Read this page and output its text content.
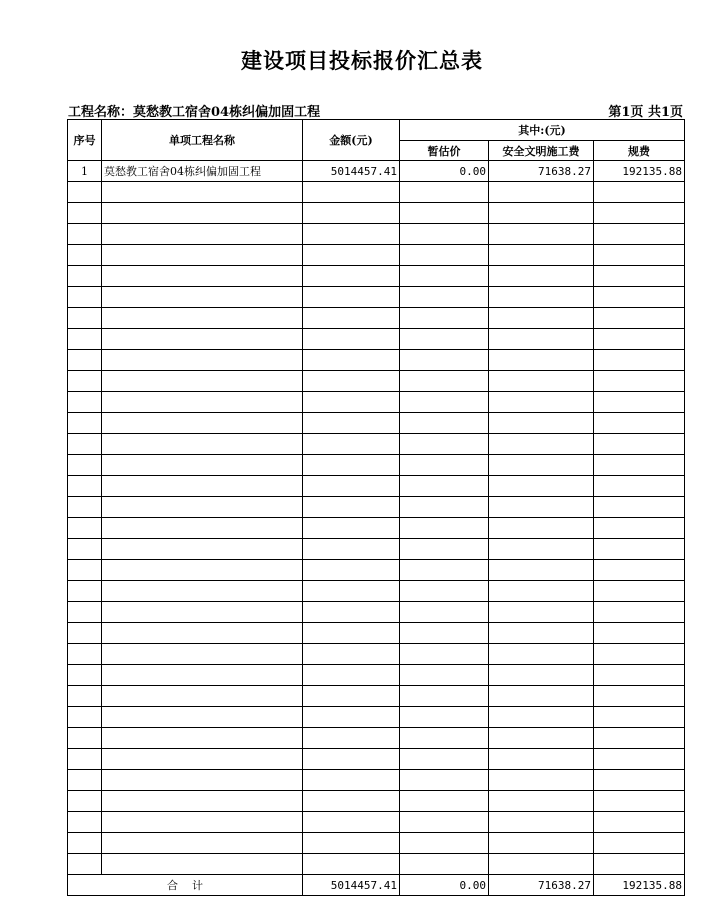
建设项目投标报价汇总表
工程名称：莫愁教工宿舍04栋纠偏加固工程	第1页 共1页
序号	单项工程名称	金额(元)	其中:(元)		
			暂估价	安全文明施工费	规费
1	莫愁教工宿舍04栋纠偏加固工程	5014457.41	0.00	71638.27	192135.88

合    计		5014457.41	0.00	71638.27	192135.88
